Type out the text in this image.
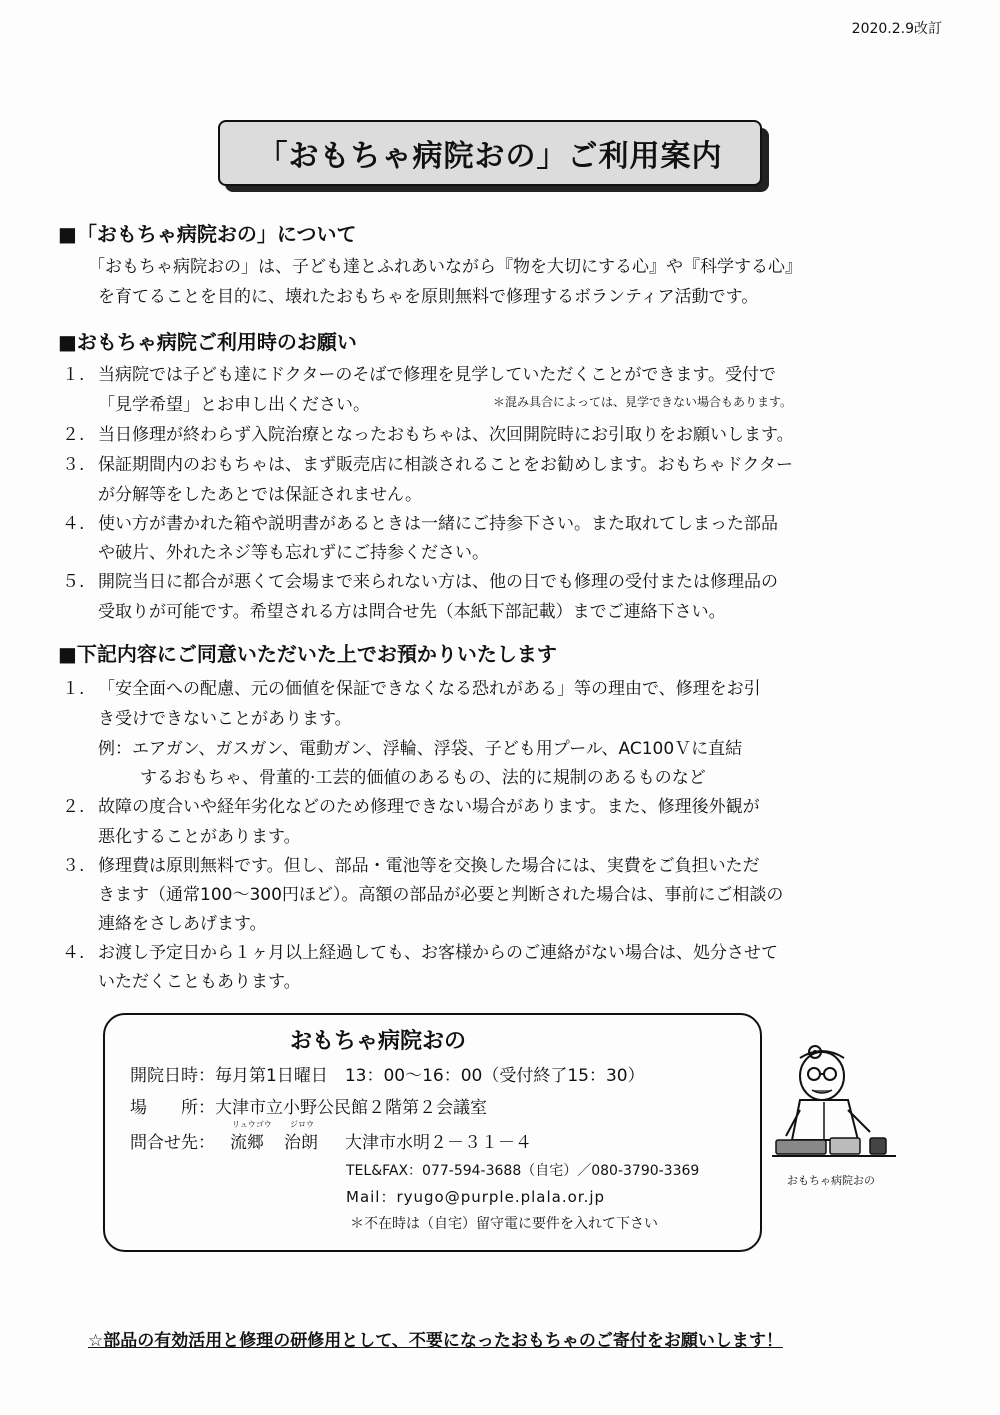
2020.2.9改訂
「おもちゃ病院おの」ご利用案内
■「おもちゃ病院おの」について
「おもちゃ病院おの」は、子ども達とふれあいながら『物を大切にする心』や『科学する心』
を育てることを目的に、壊れたおもちゃを原則無料で修理するボランティア活動です。
■おもちゃ病院ご利用時のお願い
１. 当病院では子ども達にドクターのそばで修理を見学していただくことができます。受付で
「見学希望」とお申し出ください。	＊混み具合によっては、見学できない場合もあります。
２. 当日修理が終わらず入院治療となったおもちゃは、次回開院時にお引取りをお願いします。
３. 保証期間内のおもちゃは、まず販売店に相談されることをお勧めします。おもちゃドクター
が分解等をしたあとでは保証されません。
４. 使い方が書かれた箱や説明書があるときは一緒にご持参下さい。また取れてしまった部品
や破片、外れたネジ等も忘れずにご持参ください。
５. 開院当日に都合が悪くて会場まで来られない方は、他の日でも修理の受付または修理品の
受取りが可能です。希望される方は問合せ先（本紙下部記載）までご連絡下さい。
■下記内容にご同意いただいた上でお預かりいたします
１. 「安全面への配慮、元の価値を保証できなくなる恐れがある」等の理由で、修理をお引
き受けできないことがあります。
例：エアガン、ガスガン、電動ガン、浮輪、浮袋、子ども用プール、AC100Ｖに直結
するおもちゃ、骨董的·工芸的価値のあるもの、法的に規制のあるものなど
２. 故障の度合いや経年劣化などのため修理できない場合があります。また、修理後外観が
悪化することがあります。
３. 修理費は原則無料です。但し、部品・電池等を交換した場合には、実費をご負担いただ
きます（通常100～300円ほど）。高額の部品が必要と判断された場合は、事前にご相談の
連絡をさしあげます。
４. お渡し予定日から１ヶ月以上経過しても、お客様からのご連絡がない場合は、処分させて
いただくこともあります。
おもちゃ病院おの
開院日時：毎月第1日曜日　13：00～16：00（受付終了15：30）
場　　所：大津市立小野公民館２階第２会議室
問合せ先：
リュウゴウ
流郷
ジロウ
治朗 大津市水明２－３１－４
TEL&FAX：077-594-3688（自宅）／080-3790-3369
Mail：ryugo@purple.plala.or.jp
＊不在時は（自宅）留守電に要件を入れて下さい
おもちゃ病院おの
☆部品の有効活用と修理の研修用として、不要になったおもちゃのご寄付をお願いします！
